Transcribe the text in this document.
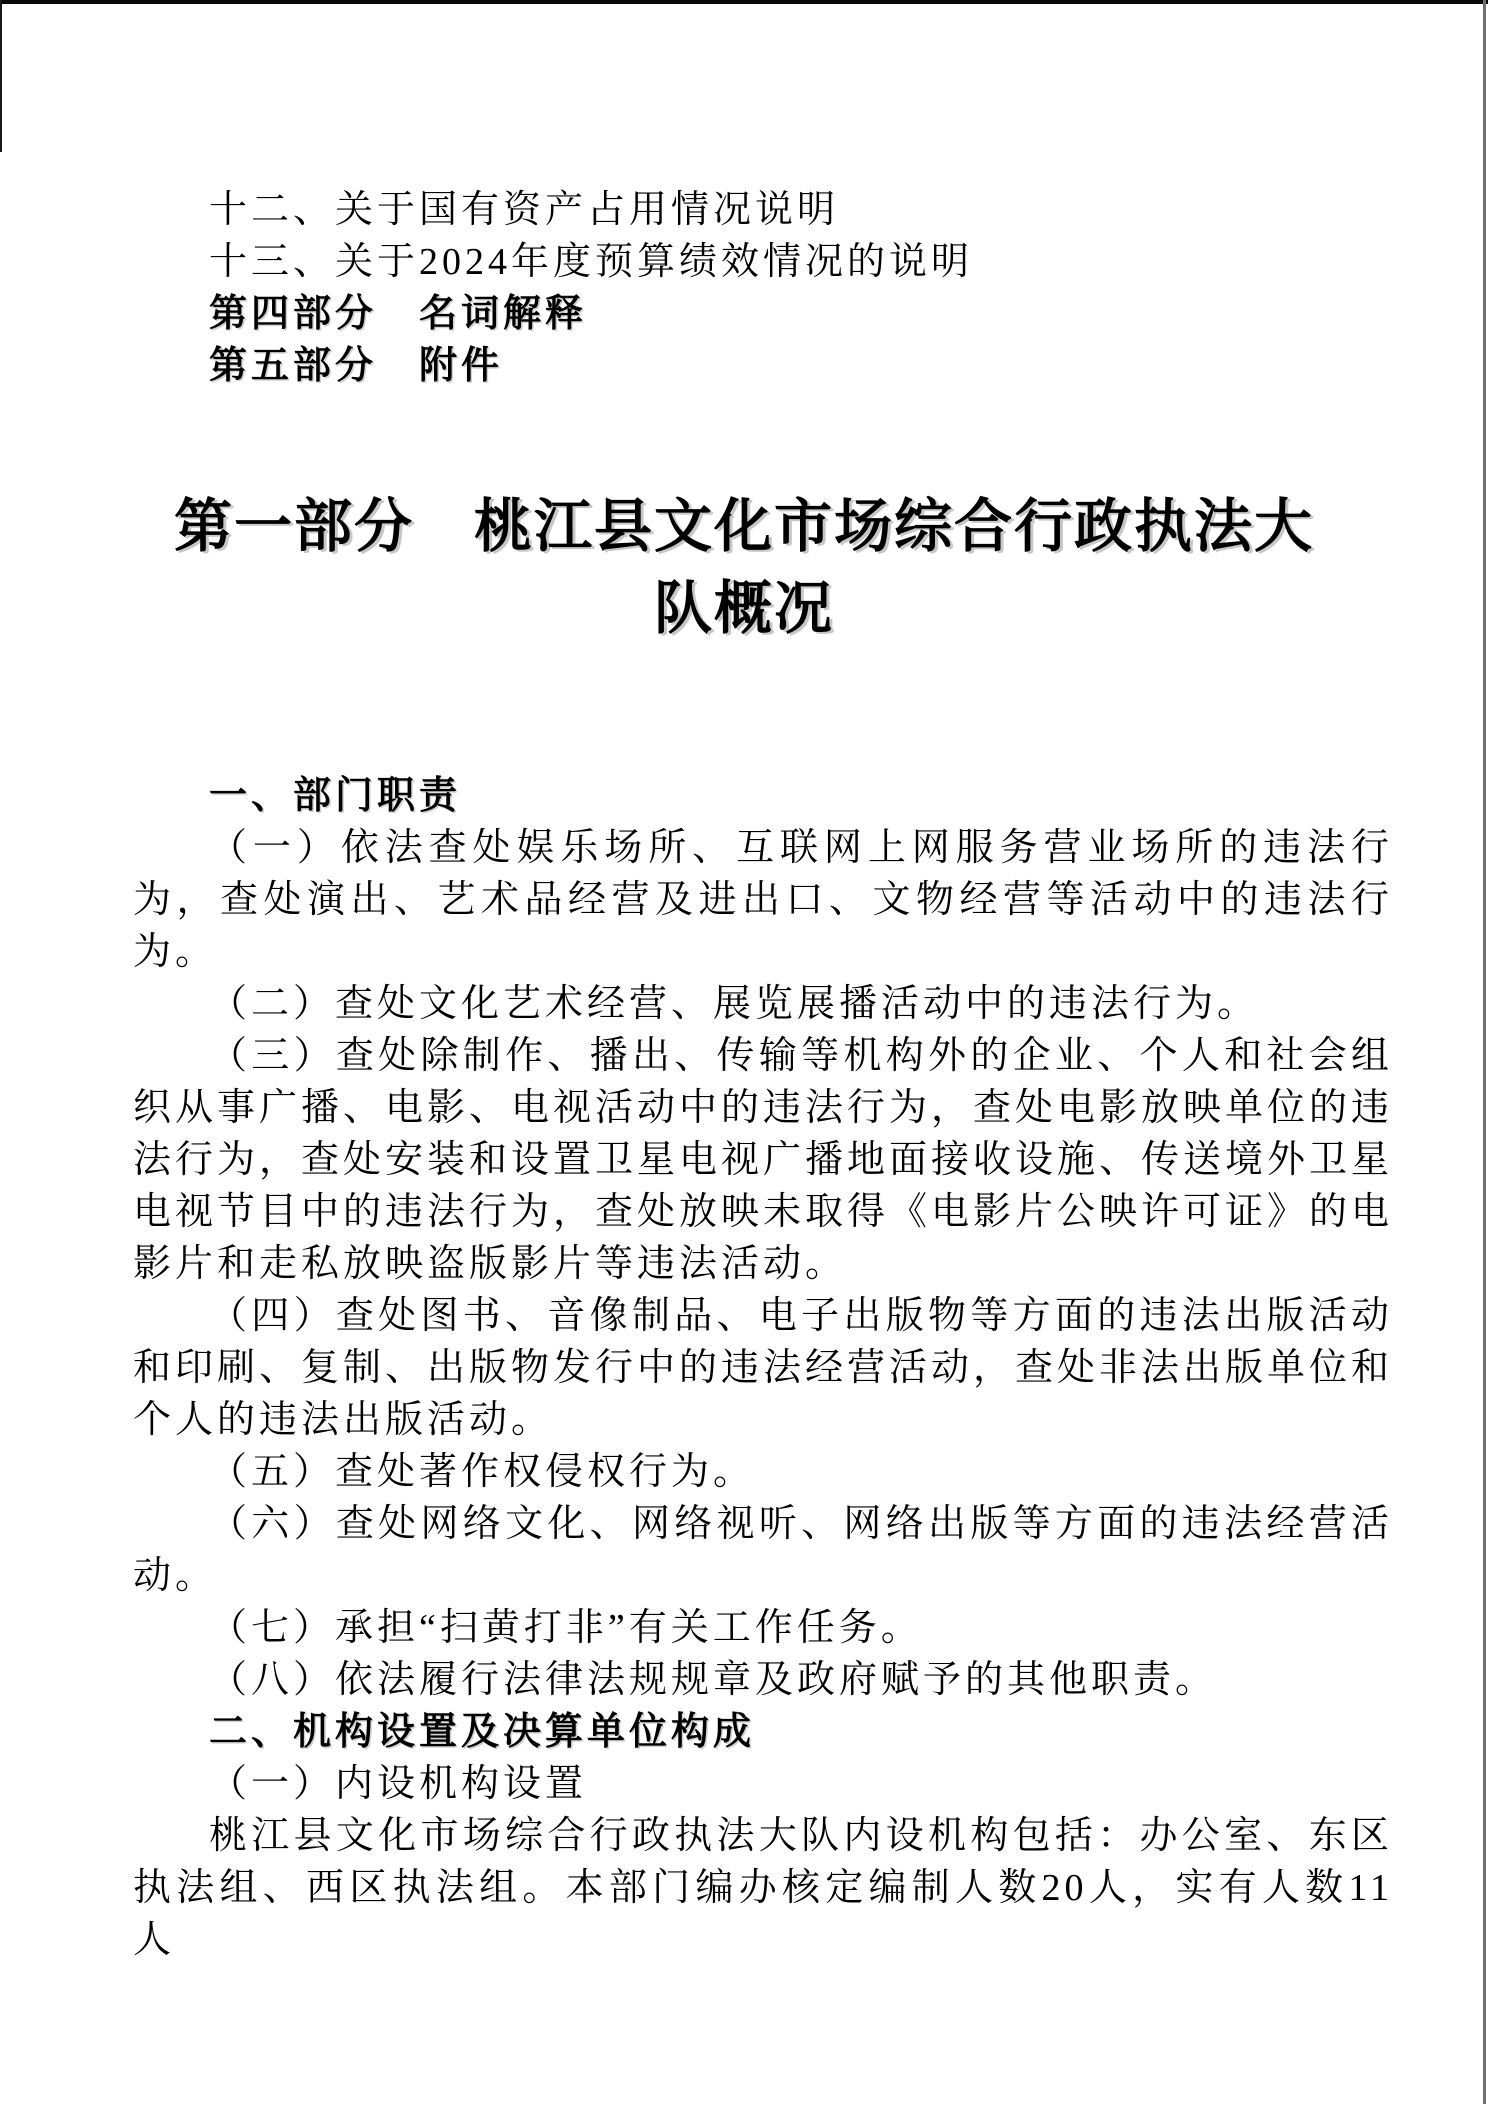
十二、关于国有资产占用情况说明
十三、关于2024年度预算绩效情况的说明
第四部分　名词解释
第五部分　附件
第一部分　桃江县文化市场综合行政执法大
队概况

一、部门职责

（一）依法查处娱乐场所、互联网上网服务营业场所的违法行为，查处演出、艺术品经营及进出口、文物经营等活动中的违法行为。

（二）查处文化艺术经营、展览展播活动中的违法行为。

（三）查处除制作、播出、传输等机构外的企业、个人和社会组织从事广播、电影、电视活动中的违法行为，查处电影放映单位的违法行为，查处安装和设置卫星电视广播地面接收设施、传送境外卫星电视节目中的违法行为，查处放映未取得《电影片公映许可证》的电影片和走私放映盗版影片等违法活动。

（四）查处图书、音像制品、电子出版物等方面的违法出版活动和印刷、复制、出版物发行中的违法经营活动，查处非法出版单位和个人的违法出版活动。

（五）查处著作权侵权行为。

（六）查处网络文化、网络视听、网络出版等方面的违法经营活动。

（七）承担“扫黄打非”有关工作任务。

（八）依法履行法律法规规章及政府赋予的其他职责。

二、机构设置及决算单位构成

（一）内设机构设置

桃江县文化市场综合行政执法大队内设机构包括：办公室、东区执法组、西区执法组。本部门编办核定编制人数20人，实有人数11人
